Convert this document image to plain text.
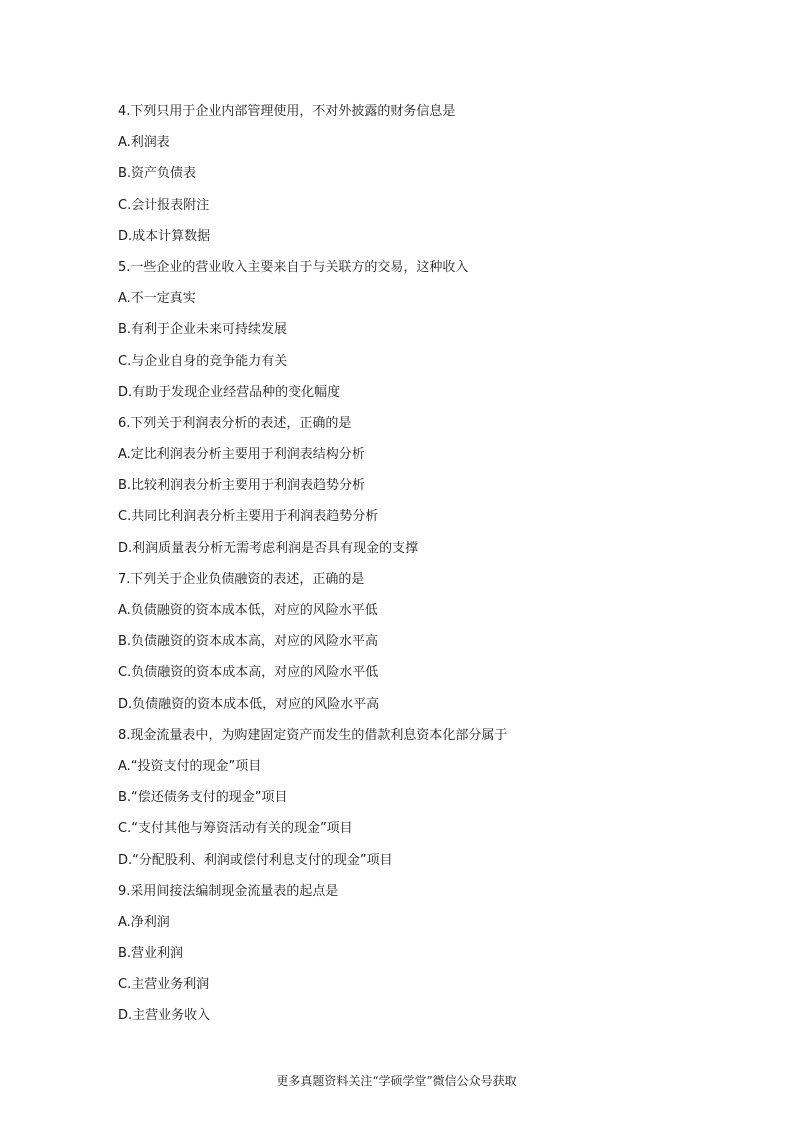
4.下列只用于企业内部管理使用，不对外披露的财务信息是
A.利润表
B.资产负债表
C.会计报表附注
D.成本计算数据
5.一些企业的营业收入主要来自于与关联方的交易，这种收入
A.不一定真实
B.有利于企业未来可持续发展
C.与企业自身的竞争能力有关
D.有助于发现企业经营品种的变化幅度
6.下列关于利润表分析的表述，正确的是
A.定比利润表分析主要用于利润表结构分析
B.比较利润表分析主要用于利润表趋势分析
C.共同比利润表分析主要用于利润表趋势分析
D.利润质量表分析无需考虑利润是否具有现金的支撑
7.下列关于企业负债融资的表述，正确的是
A.负债融资的资本成本低，对应的风险水平低
B.负债融资的资本成本高，对应的风险水平高
C.负债融资的资本成本高，对应的风险水平低
D.负债融资的资本成本低，对应的风险水平高
8.现金流量表中，为购建固定资产而发生的借款利息资本化部分属于
A.“投资支付的现金”项目
B.“偿还债务支付的现金”项目
C.“支付其他与筹资活动有关的现金”项目
D.“分配股利、利润或偿付利息支付的现金”项目
9.采用间接法编制现金流量表的起点是
A.净利润
B.营业利润
C.主营业务利润
D.主营业务收入
更多真题资料关注“学硕学堂”微信公众号获取
